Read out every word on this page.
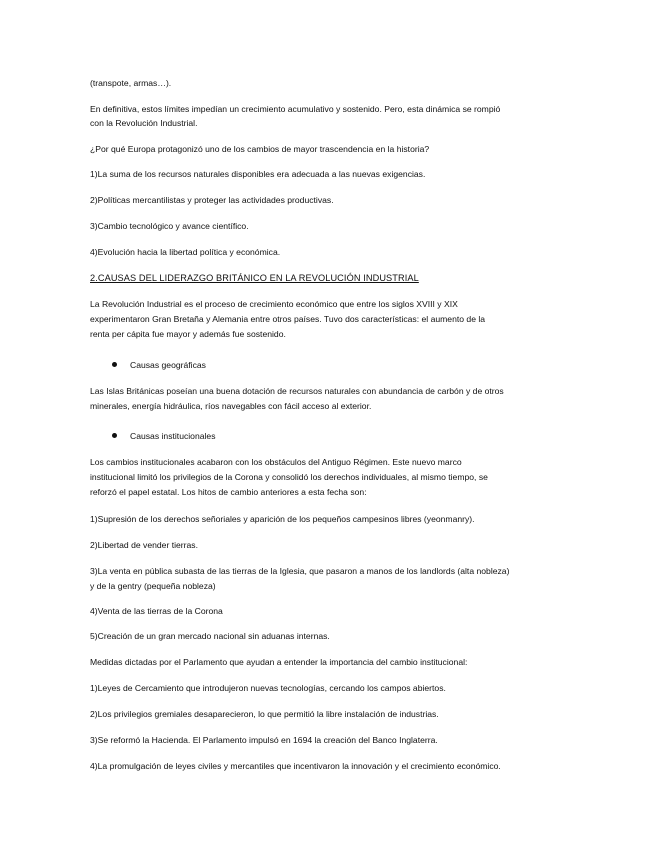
(transpote, armas…).

En definitiva, estos límites impedían un crecimiento acumulativo y sostenido. Pero, esta dinámica se rompió

con la Revolución Industrial.

¿Por qué Europa protagonizó uno de los cambios de mayor trascendencia en la historia?

1)La suma de los recursos naturales disponibles era adecuada a las nuevas exigencias.

2)Políticas mercantilistas y proteger las actividades productivas.

3)Cambio tecnológico y avance científico.

4)Evolución hacia la libertad política y económica.

2.CAUSAS DEL LIDERAZGO BRITÁNICO EN LA REVOLUCIÓN INDUSTRIAL

La Revolución Industrial es el proceso de crecimiento económico que entre los siglos XVIII y XIX

experimentaron Gran Bretaña y Alemania entre otros países. Tuvo dos características: el aumento de la

renta per cápita fue mayor y además fue sostenido.

Causas geográficas

Las Islas Británicas poseían una buena dotación de recursos naturales con abundancia de carbón y de otros

minerales, energía hidráulica, ríos navegables con fácil acceso al exterior.

Causas institucionales

Los cambios institucionales acabaron con los obstáculos del Antiguo Régimen. Este nuevo marco

institucional limitó los privilegios de la Corona y consolidó los derechos individuales, al mismo tiempo, se

reforzó el papel estatal. Los hitos de cambio anteriores a esta fecha son:

1)Supresión de los derechos señoriales y aparición de los pequeños campesinos libres (yeonmanry).

2)Libertad de vender tierras.

3)La venta en pública subasta de las tierras de la Iglesia, que pasaron a manos de los landlords (alta nobleza)

y de la gentry (pequeña nobleza)

4)Venta de las tierras de la Corona

5)Creación de un gran mercado nacional sin aduanas internas.

Medidas dictadas por el Parlamento que ayudan a entender la importancia del cambio institucional:

1)Leyes de Cercamiento que introdujeron nuevas tecnologías, cercando los campos abiertos.

2)Los privilegios gremiales desaparecieron, lo que permitió la libre instalación de industrias.

3)Se reformó la Hacienda. El Parlamento impulsó en 1694 la creación del Banco Inglaterra.

4)La promulgación de leyes civiles y mercantiles que incentivaron la innovación y el crecimiento económico.
